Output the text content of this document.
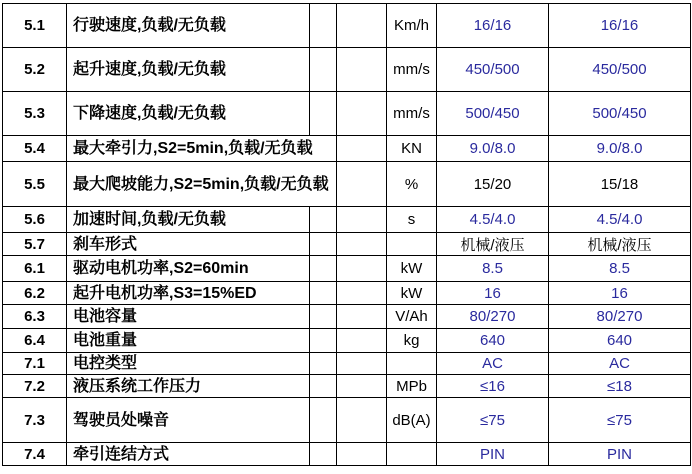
5.1	行驶速度,负载/无负载			Km/h	16/16	16/16
5.2	起升速度,负载/无负载			mm/s	450/500	450/500
5.3	下降速度,负载/无负载			mm/s	500/450	500/450
5.4	最大牵引力,S2=5min,负载/无负载			KN	9.0/8.0	9.0/8.0
5.5	最大爬坡能力,S2=5min,负载/无负载			%	15/20	15/18
5.6	加速时间,负载/无负载			s	4.5/4.0	4.5/4.0
5.7	刹车形式				机械/液压	机械/液压
6.1	驱动电机功率,S2=60min			kW	8.5	8.5
6.2	起升电机功率,S3=15%ED			kW	16	16
6.3	电池容量			V/Ah	80/270	80/270
6.4	电池重量			kg	640	640
7.1	电控类型				AC	AC
7.2	液压系统工作压力			MPb	≤16	≤18
7.3	驾驶员处噪音			dB(A)	≤75	≤75
7.4	牵引连结方式				PIN	PIN
